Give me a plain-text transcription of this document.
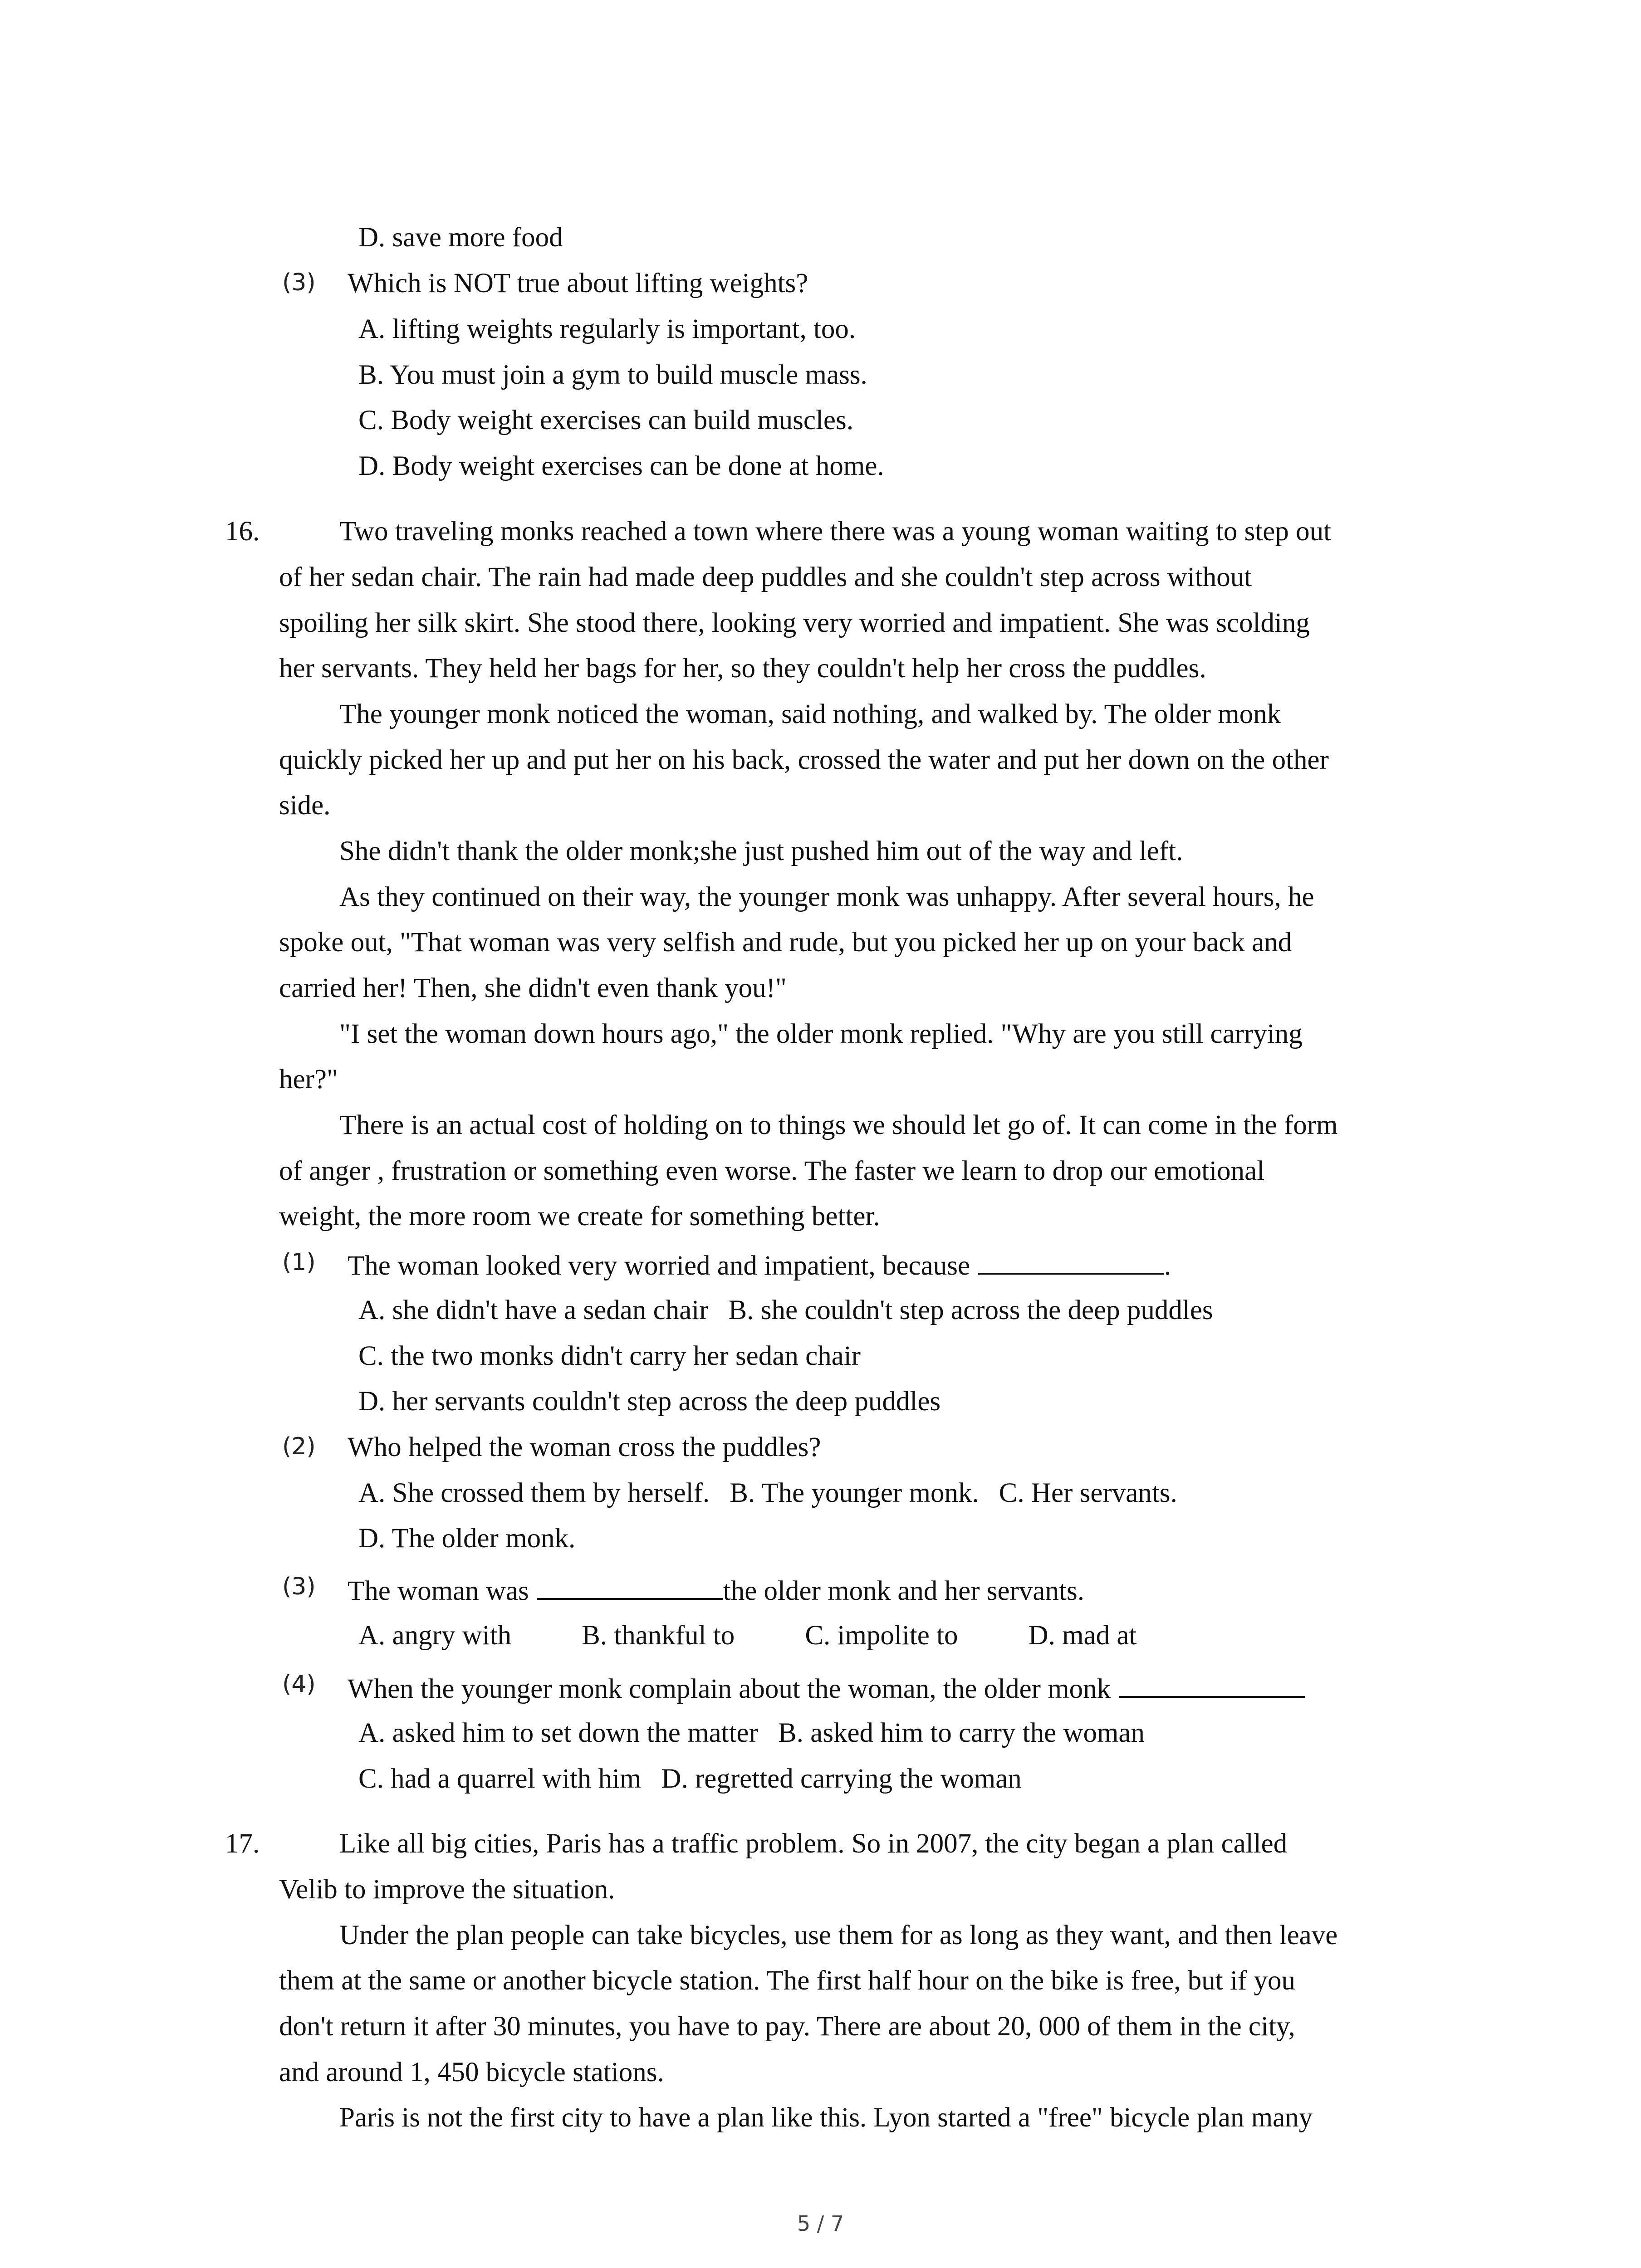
D. save more food
(3) Which is NOT true about lifting weights?
A. lifting weights regularly is important, too.
B. You must join a gym to build muscle mass.
C. Body weight exercises can build muscles.
D. Body weight exercises can be done at home.
16.	Two traveling monks reached a town where there was a young woman waiting to step out
of her sedan chair. The rain had made deep puddles and she couldn't step across without
spoiling her silk skirt. She stood there, looking very worried and impatient. She was scolding
her servants. They held her bags for her, so they couldn't help her cross the puddles.
The younger monk noticed the woman, said nothing, and walked by. The older monk
quickly picked her up and put her on his back, crossed the water and put her down on the other
side.
She didn't thank the older monk;she just pushed him out of the way and left.
As they continued on their way, the younger monk was unhappy. After several hours, he
spoke out, "That woman was very selfish and rude, but you picked her up on your back and
carried her! Then, she didn't even thank you!"
"I set the woman down hours ago," the older monk replied. "Why are you still carrying
her?"
There is an actual cost of holding on to things we should let go of. It can come in the form
of anger , frustration or something even worse. The faster we learn to drop our emotional
weight, the more room we create for something better.
(1) The woman looked very worried and impatient, because	.
A. she didn't have a sedan chair B. she couldn't step across the deep puddles
C. the two monks didn't carry her sedan chair
D. her servants couldn't step across the deep puddles
(2) Who helped the woman cross the puddles?
A. She crossed them by herself. B. The younger monk. C. Her servants.
D. The older monk.
(3) The woman was	the older monk and her servants.
A. angry with	B. thankful to	C. impolite to	D. mad at
(4) When the younger monk complain about the woman, the older monk
A. asked him to set down the matter B. asked him to carry the woman
C. had a quarrel with him D. regretted carrying the woman
17.	Like all big cities, Paris has a traffic problem. So in 2007, the city began a plan called
Velib to improve the situation.
Under the plan people can take bicycles, use them for as long as they want, and then leave
them at the same or another bicycle station. The first half hour on the bike is free, but if you
don't return it after 30 minutes, you have to pay. There are about 20, 000 of them in the city,
and around 1, 450 bicycle stations.
Paris is not the first city to have a plan like this. Lyon started a "free" bicycle plan many
5 / 7
